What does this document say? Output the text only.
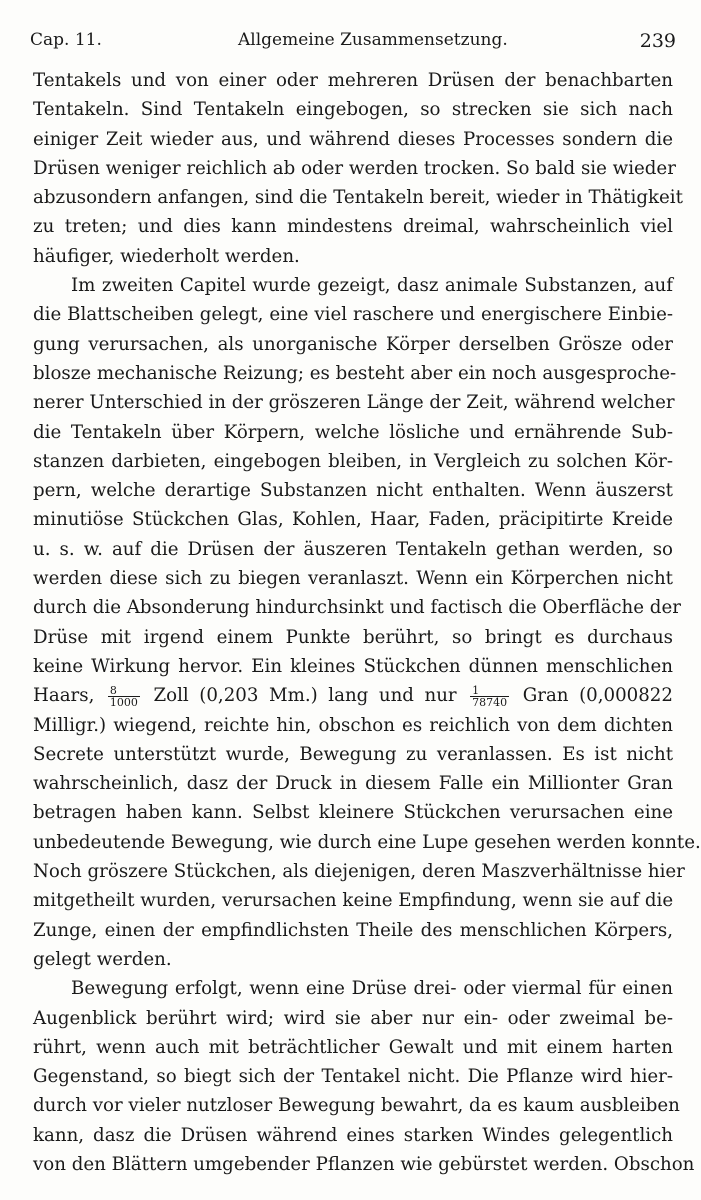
Cap. 11.	Allgemeine Zusammensetzung.	239
Tentakels und von einer oder mehreren Drüsen der benachbarten
Tentakeln. Sind Tentakeln eingebogen, so strecken sie sich nach
einiger Zeit wieder aus, und während dieses Processes sondern die
Drüsen weniger reichlich ab oder werden trocken. So bald sie wieder
abzusondern anfangen, sind die Tentakeln bereit, wieder in Thätigkeit
zu treten; und dies kann mindestens dreimal, wahrscheinlich viel
häufiger, wiederholt werden.
Im zweiten Capitel wurde gezeigt, dasz animale Substanzen, auf
die Blattscheiben gelegt, eine viel raschere und energischere Einbie-
gung verursachen, als unorganische Körper derselben Grösze oder
blosze mechanische Reizung; es besteht aber ein noch ausgesproche-
nerer Unterschied in der gröszeren Länge der Zeit, während welcher
die Tentakeln über Körpern, welche lösliche und ernährende Sub-
stanzen darbieten, eingebogen bleiben, in Vergleich zu solchen Kör-
pern, welche derartige Substanzen nicht enthalten. Wenn äuszerst
minutiöse Stückchen Glas, Kohlen, Haar, Faden, präcipitirte Kreide
u. s. w. auf die Drüsen der äuszeren Tentakeln gethan werden, so
werden diese sich zu biegen veranlaszt. Wenn ein Körperchen nicht
durch die Absonderung hindurchsinkt und factisch die Oberfläche der
Drüse mit irgend einem Punkte berührt, so bringt es durchaus
keine Wirkung hervor. Ein kleines Stückchen dünnen menschlichen
Haars, $\frac{8}{1000}$ Zoll (0,203 Mm.) lang und nur $\frac{1}{78740}$ Gran (0,000822
Milligr.) wiegend, reichte hin, obschon es reichlich von dem dichten
Secrete unterstützt wurde, Bewegung zu veranlassen. Es ist nicht
wahrscheinlich, dasz der Druck in diesem Falle ein Millionter Gran
betragen haben kann. Selbst kleinere Stückchen verursachen eine
unbedeutende Bewegung, wie durch eine Lupe gesehen werden konnte.
Noch gröszere Stückchen, als diejenigen, deren Maszverhältnisse hier
mitgetheilt wurden, verursachen keine Empfindung, wenn sie auf die
Zunge, einen der empfindlichsten Theile des menschlichen Körpers,
gelegt werden.
Bewegung erfolgt, wenn eine Drüse drei- oder viermal für einen
Augenblick berührt wird; wird sie aber nur ein- oder zweimal be-
rührt, wenn auch mit beträchtlicher Gewalt und mit einem harten
Gegenstand, so biegt sich der Tentakel nicht. Die Pflanze wird hier-
durch vor vieler nutzloser Bewegung bewahrt, da es kaum ausbleiben
kann, dasz die Drüsen während eines starken Windes gelegentlich
von den Blättern umgebender Pflanzen wie gebürstet werden. Obschon
